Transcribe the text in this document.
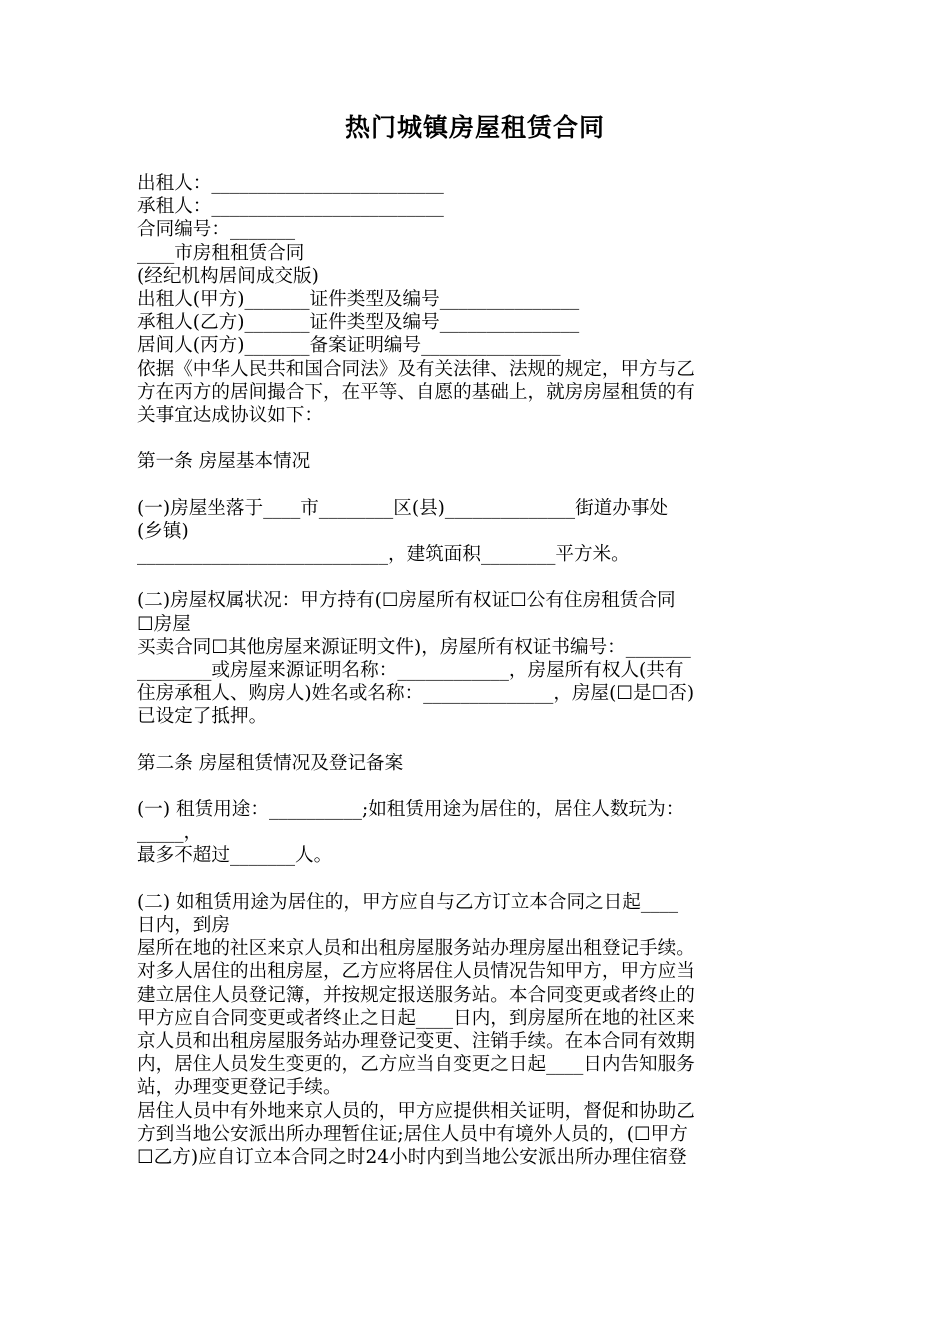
热门城镇房屋租赁合同
出租人：_________________________
承租人：_________________________
合同编号：_______
____市房租租赁合同
(经纪机构居间成交版)
出租人(甲方)_______证件类型及编号_______________
承租人(乙方)_______证件类型及编号_______________
居间人(丙方)_______备案证明编号_______________
依据《中华人民共和国合同法》及有关法律、法规的规定，甲方与乙
方在丙方的居间撮合下，在平等、自愿的基础上，就房房屋租赁的有
关事宜达成协议如下：
第一条 房屋基本情况
(一)房屋坐落于____市________区(县)______________街道办事处
(乡镇)
___________________________，建筑面积________平方米。
(二)房屋权属状况：甲方持有(☐房屋所有权证☐公有住房租赁合同
☐房屋
买卖合同☐其他房屋来源证明文件)，房屋所有权证书编号：_______
________或房屋来源证明名称：____________，房屋所有权人(共有
住房承租人、购房人)姓名或名称：______________，房屋(☐是☐否)
已设定了抵押。
第二条 房屋租赁情况及登记备案
(一) 租赁用途：__________;如租赁用途为居住的，居住人数玩为：
_____，
最多不超过_______人。
(二) 如租赁用途为居住的，甲方应自与乙方订立本合同之日起____
日内，到房
屋所在地的社区来京人员和出租房屋服务站办理房屋出租登记手续。
对多人居住的出租房屋，乙方应将居住人员情况告知甲方，甲方应当
建立居住人员登记簿，并按规定报送服务站。本合同变更或者终止的
甲方应自合同变更或者终止之日起____日内，到房屋所在地的社区来
京人员和出租房屋服务站办理登记变更、注销手续。在本合同有效期
内，居住人员发生变更的，乙方应当自变更之日起____日内告知服务
站，办理变更登记手续。
居住人员中有外地来京人员的，甲方应提供相关证明，督促和协助乙
方到当地公安派出所办理暂住证;居住人员中有境外人员的，(☐甲方
☐乙方)应自订立本合同之时24小时内到当地公安派出所办理住宿登
